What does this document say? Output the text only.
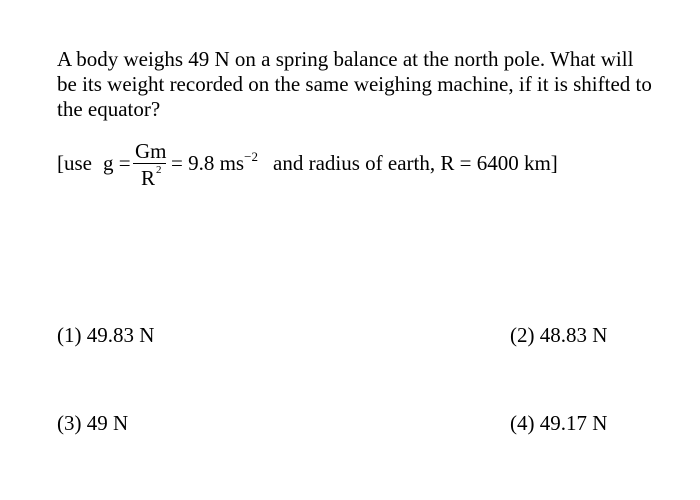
A body weighs 49 N on a spring balance at the north pole. What will be its weight recorded on the same weighing machine, if it is shifted to the equator?

[use g = Gm
R 2 = 9.8 $ms^{-2}$ and radius of earth, R = 6400 km]
(1) 49.83 N	(2) 48.83 N
(3) 49 N	(4) 49.17 N
